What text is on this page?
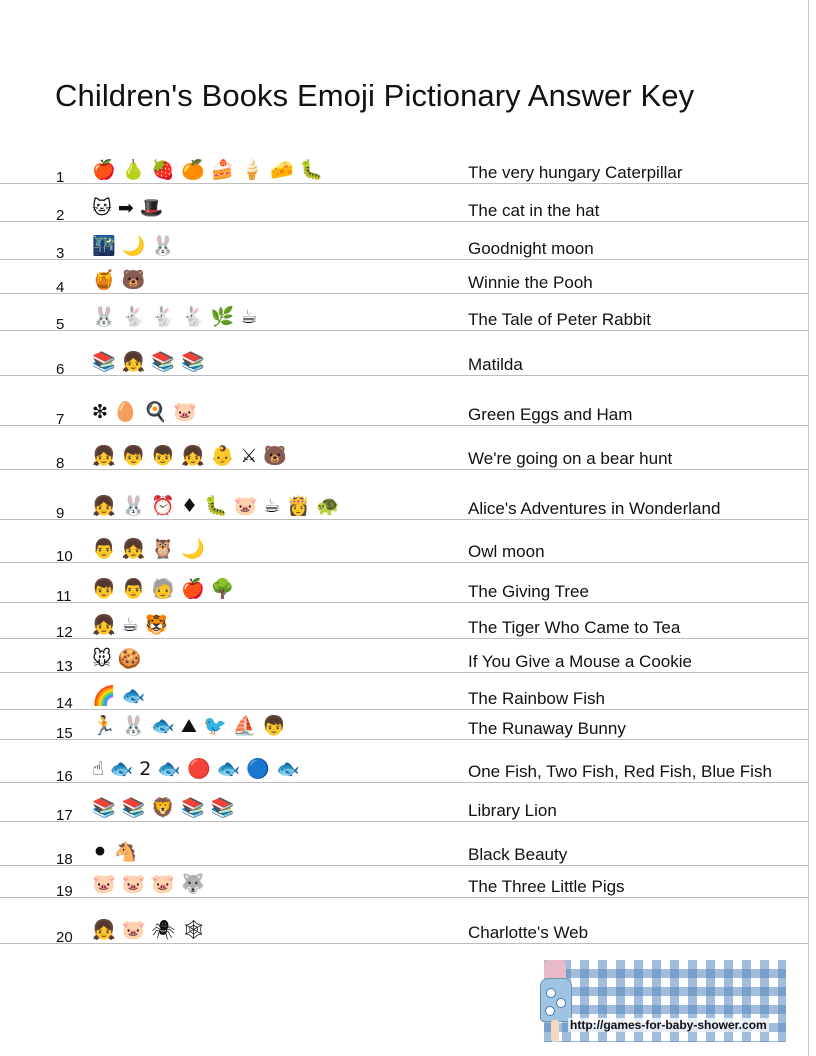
Children's Books Emoji Pictionary Answer Key
1	🍎 🍐 🍓 🍊 🍰 🍦 🧀 🐛	The very hungary Caterpillar
2	🐱 ➡ 🎩	The cat in the hat
3	🌃 🌙 🐰	Goodnight moon
4	🍯 🐻	Winnie the Pooh
5	🐰 🐇 🐇 🐇 🌿 ☕	The Tale of Peter Rabbit
6	📚 👧 📚 📚	Matilda
7	❇ 🥚 🍳 🐷	Green Eggs and Ham
8	👧 👦 👦 👧 👶 ⚔ 🐻	We're going on a bear hunt
9	👧 🐰 ⏰ ♦ 🐛 🐷 ☕ 👸 🐢	Alice's Adventures in Wonderland
10 👨 👧 🦉 🌙	Owl moon
11	👦 👨 🧓 🍎 🌳	The Giving Tree
12 👧 ☕ 🐯	The Tiger Who Came to Tea
13 🐭 🍪	If You Give a Mouse a Cookie
14 🌈 🐟	The Rainbow Fish
15 🏃 🐰 🐟 ⛰ 🐦 ⛵ 👦	The Runaway Bunny
16 ☝ 🐟 2 🐟 🔴 🐟 🔵 🐟	One Fish, Two Fish, Red Fish, Blue Fish
17 📚 📚 🦁 📚 📚	Library Lion
18 ⚫ 🐴	Black Beauty
19 🐷 🐷 🐷 🐺	The Three Little Pigs
20 👧 🐷 🕷 🕸	Charlotte's Web
http://games-for-baby-shower.com
